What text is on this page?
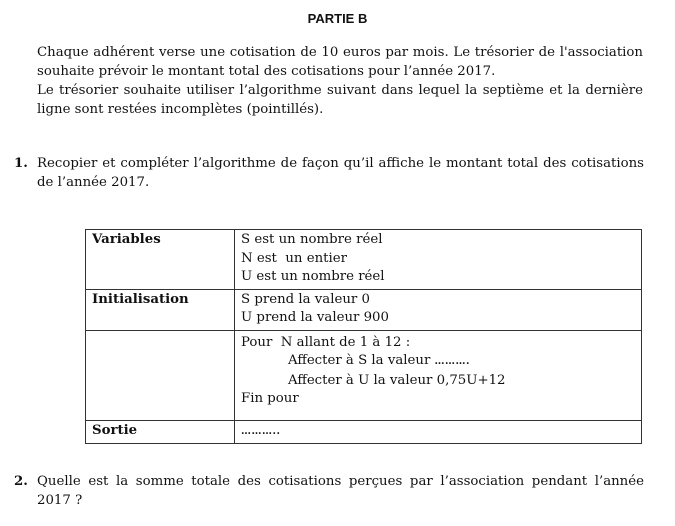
PARTIE B

Chaque adhérent verse une cotisation de 10 euros par mois. Le trésorier de l'association souhaite prévoir le montant total des cotisations pour l’année 2017.

Le trésorier souhaite utiliser l’algorithme suivant dans lequel la septième et la dernière ligne sont restées incomplètes (pointillés).

1. Recopier et compléter l’algorithme de façon qu’il affiche le montant total des cotisations de l’année 2017.
Variables	S est un nombre réel
N est  un entier
U est un nombre réel

Initialisation	S prend la valeur 0
U prend la valeur 900

	Pour  N allant de 1 à 12 :
Affecter à S la valeur ……….
Affecter à U la valeur 0,75U+12
Fin pour

Sortie	………..
2. Quelle est la somme totale des cotisations perçues par l’association pendant l’année 2017 ?
